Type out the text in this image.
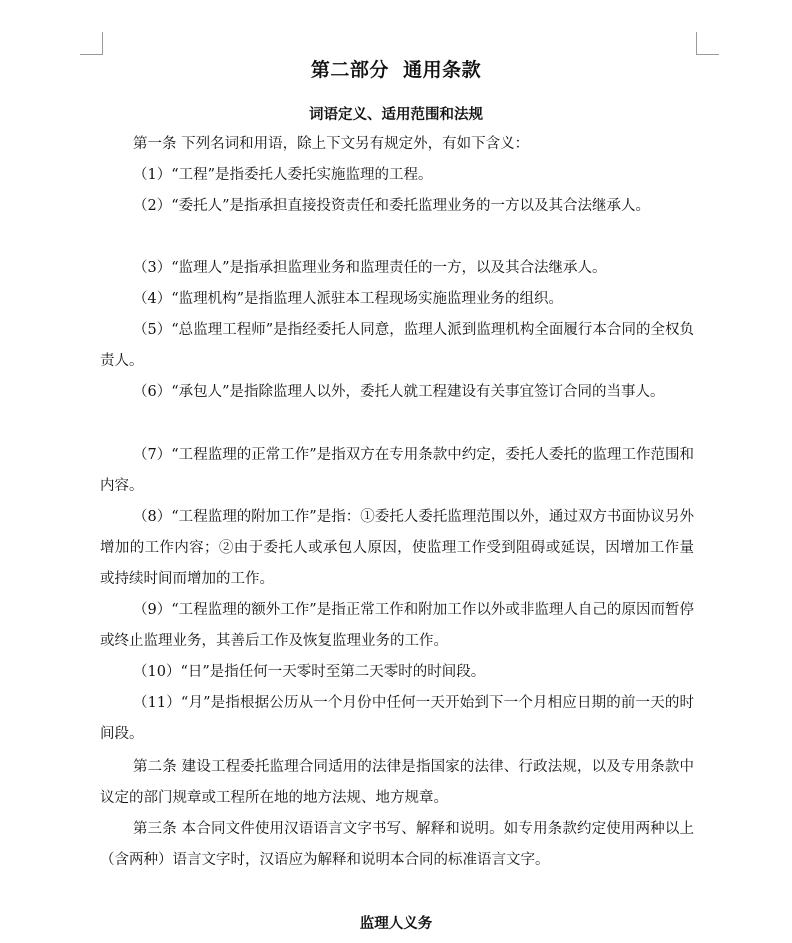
第二部分  通用条款
词语定义、适用范围和法规
第一条 下列名词和用语，除上下文另有规定外，有如下含义：
（1）“工程”是指委托人委托实施监理的工程。
（2）“委托人”是指承担直接投资责任和委托监理业务的一方以及其合法继承人。
（3）“监理人”是指承担监理业务和监理责任的一方，以及其合法继承人。
（4）“监理机构”是指监理人派驻本工程现场实施监理业务的组织。
（5）“总监理工程师”是指经委托人同意，监理人派到监理机构全面履行本合同的全权负责人。
（6）“承包人”是指除监理人以外，委托人就工程建设有关事宜签订合同的当事人。
（7）“工程监理的正常工作”是指双方在专用条款中约定，委托人委托的监理工作范围和内容。
（8）“工程监理的附加工作”是指：①委托人委托监理范围以外，通过双方书面协议另外增加的工作内容；②由于委托人或承包人原因，使监理工作受到阻碍或延误，因增加工作量或持续时间而增加的工作。
（9）“工程监理的额外工作”是指正常工作和附加工作以外或非监理人自己的原因而暂停或终止监理业务，其善后工作及恢复监理业务的工作。
（10）“日”是指任何一天零时至第二天零时的时间段。
（11）“月”是指根据公历从一个月份中任何一天开始到下一个月相应日期的前一天的时间段。
第二条 建设工程委托监理合同适用的法律是指国家的法律、行政法规，以及专用条款中议定的部门规章或工程所在地的地方法规、地方规章。
第三条 本合同文件使用汉语语言文字书写、解释和说明。如专用条款约定使用两种以上（含两种）语言文字时，汉语应为解释和说明本合同的标准语言文字。
监理人义务
